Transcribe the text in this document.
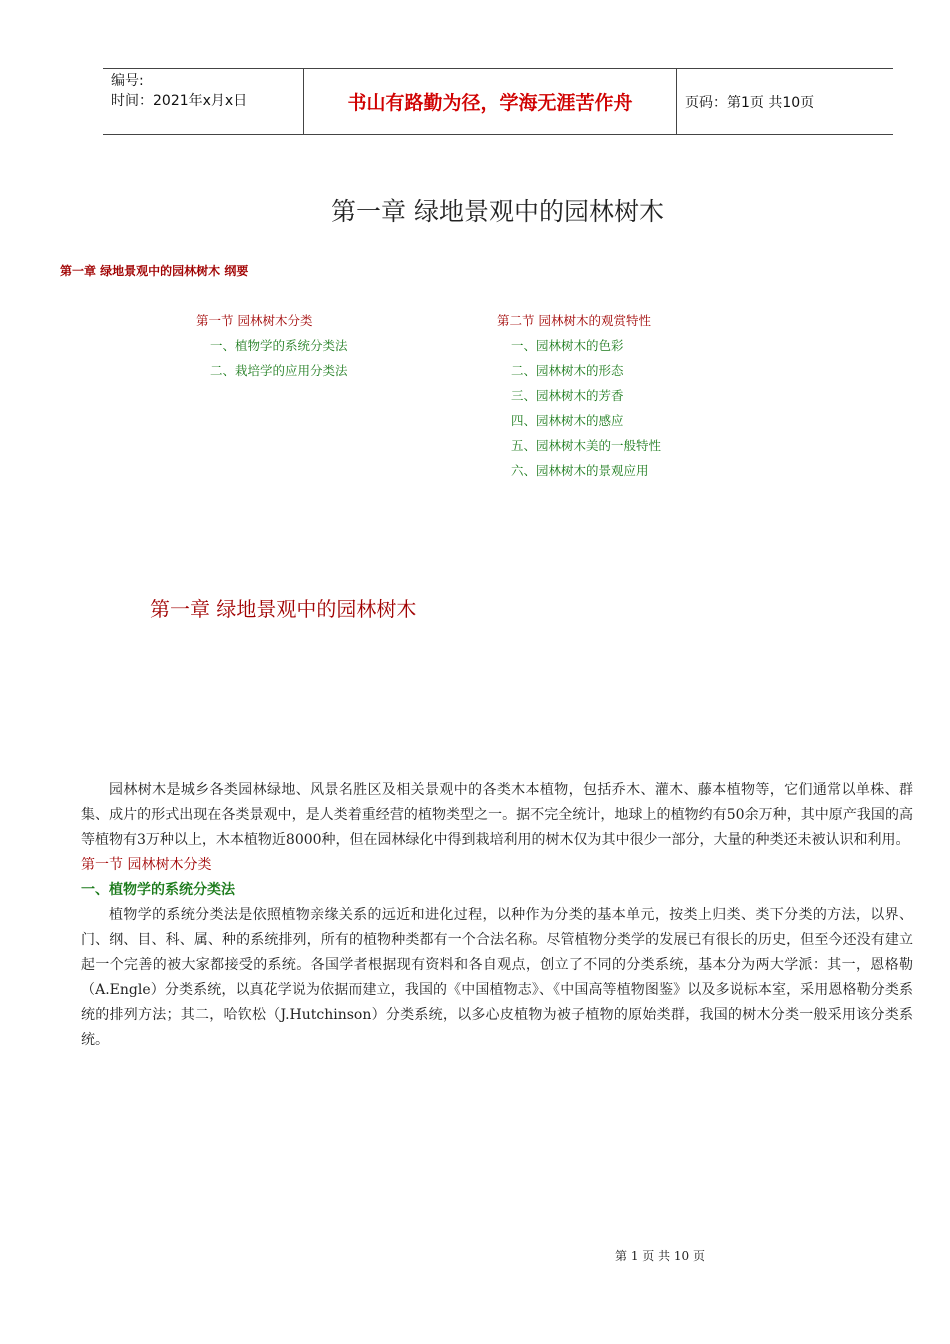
编号:
时间：2021年x月x日	书山有路勤为径，学海无涯苦作舟	页码：第1页 共10页
第一章 绿地景观中的园林树木
第一章 绿地景观中的园林树木 纲要
第一节 园林树木分类
一、植物学的系统分类法
二、栽培学的应用分类法
第二节 园林树木的观赏特性
一、园林树木的色彩
二、园林树木的形态
三、园林树木的芳香
四、园林树木的感应
五、园林树木美的一般特性
六、园林树木的景观应用
第一章 绿地景观中的园林树木

园林树木是城乡各类园林绿地、风景名胜区及相关景观中的各类木本植物，包括乔木、灌木、藤本植物等，它们通常以单株、群集、成片的形式出现在各类景观中，是人类着重经营的植物类型之一。据不完全统计，地球上的植物约有50余万种，其中原产我国的高等植物有3万种以上，木本植物近8000种，但在园林绿化中得到栽培利用的树木仅为其中很少一部分，大量的种类还未被认识和利用。

第一节 园林树木分类
一、植物学的系统分类法

植物学的系统分类法是依照植物亲缘关系的远近和进化过程，以种作为分类的基本单元，按类上归类、类下分类的方法，以界、门、纲、目、科、属、种的系统排列，所有的植物种类都有一个合法名称。尽管植物分类学的发展已有很长的历史，但至今还没有建立起一个完善的被大家都接受的系统。各国学者根据现有资料和各自观点，创立了不同的分类系统，基本分为两大学派：其一，恩格勒（A.Engle）分类系统，以真花学说为依据而建立，我国的《中国植物志》、《中国高等植物图鉴》以及多说标本室，采用恩格勒分类系统的排列方法；其二，哈钦松（J.Hutchinson）分类系统，以多心皮植物为被子植物的原始类群，我国的树木分类一般采用该分类系统。

第 1 页 共 10 页
